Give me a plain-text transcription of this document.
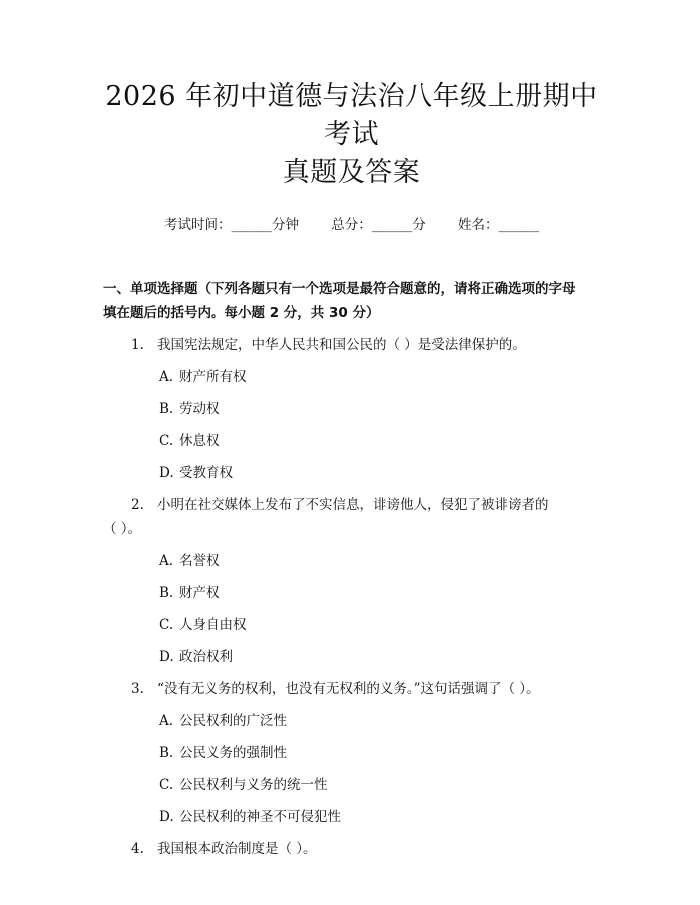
2026 年初中道德与法治八年级上册期中考试
真题及答案
考试时间：______分钟 总分：______分 姓名：______
一、单项选择题（下列各题只有一个选项是最符合题意的，请将正确选项的字母
填在题后的括号内。每小题 2 分，共 30 分）
1. 我国宪法规定，中华人民共和国公民的（ ）是受法律保护的。
A. 财产所有权
B. 劳动权
C. 休息权
D. 受教育权
2. 小明在社交媒体上发布了不实信息，诽谤他人，侵犯了被诽谤者的
（ ）。
A. 名誉权
B. 财产权
C. 人身自由权
D. 政治权利
3. “没有无义务的权利，也没有无权利的义务。”这句话强调了（ ）。
A. 公民权利的广泛性
B. 公民义务的强制性
C. 公民权利与义务的统一性
D. 公民权利的神圣不可侵犯性
4. 我国根本政治制度是（ ）。
